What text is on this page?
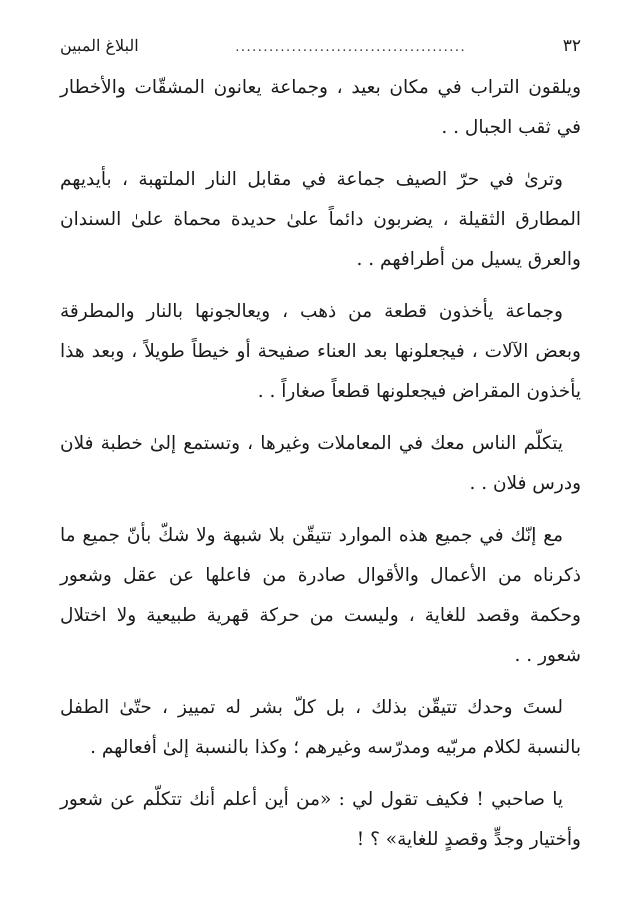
٣٢
.........................................
البلاغ المبين

ويلقون التراب في مكان بعيد ، وجماعة يعانون المشقّات والأخطار في ثقب الجبال . .

وترىٰ في حرّ الصيف جماعة في مقابل النار الملتهبة ، بأيديهم المطارق الثقيلة ، يضربون دائماً علىٰ حديدة محماة علىٰ السندان والعرق يسيل من أطرافهم . .

وجماعة يأخذون قطعة من ذهب ، ويعالجونها بالنار والمطرقة وبعض الآلات ، فيجعلونها بعد العناء صفيحة أو خيطاً طويلاً ، وبعد هذا يأخذون المقراض فيجعلونها قطعاً صغاراً . .

يتكلّم الناس معك في المعاملات وغيرها ، وتستمع إلىٰ خطبة فلان ودرس فلان . .

مع إنّك في جميع هذه الموارد تتيقّن بلا شبهة ولا شكّ بأنّ جميع ما ذكرناه من الأعمال والأقوال صادرة من فاعلها عن عقل وشعور وحكمة وقصد للغاية ، وليست من حركة قهرية طبيعية ولا اختلال شعور . .

لستَ وحدك تتيقّن بذلك ، بل كلّ بشر له تمييز ، حتّىٰ الطفل بالنسبة لكلام مربّيه ومدرّسه وغيرهم ؛ وكذا بالنسبة إلىٰ أفعالهم .

يا صاحبي ! فكيف تقول لي : «من أين أعلم أنك تتكلّم عن شعور وأختيار وجدٍّ وقصدٍ للغاية» ؟ !
